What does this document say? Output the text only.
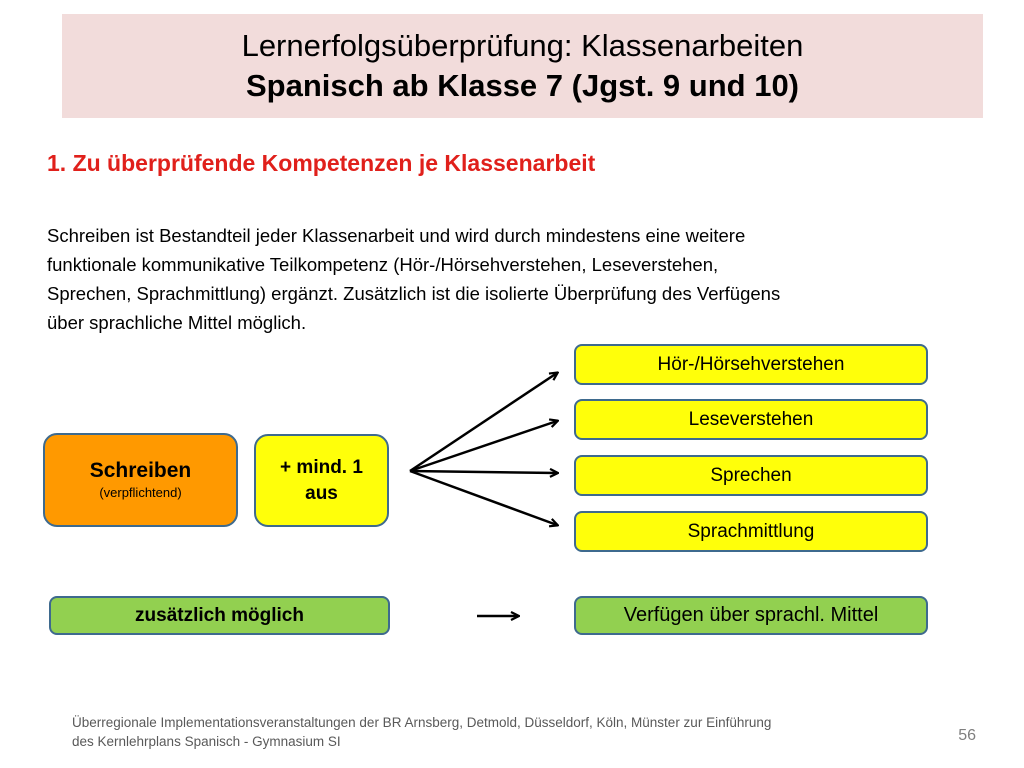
Lernerfolgsüberprüfung: Klassenarbeiten
Spanisch ab Klasse 7 (Jgst. 9 und 10)
1. Zu überprüfende Kompetenzen je Klassenarbeit
Schreiben ist Bestandteil jeder Klassenarbeit und wird durch mindestens eine weitere
funktionale kommunikative Teilkompetenz (Hör-/Hörsehverstehen, Leseverstehen,
Sprechen, Sprachmittlung) ergänzt. Zusätzlich ist die isolierte Überprüfung des Verfügens
über sprachliche Mittel möglich.
Schreiben
(verpflichtend)
+ mind. 1
aus
Hör-/Hörsehverstehen
Leseverstehen
Sprechen
Sprachmittlung
zusätzlich möglich	Verfügen über sprachl. Mittel
Überregionale Implementationsveranstaltungen der BR Arnsberg, Detmold, Düsseldorf, Köln, Münster zur Einführung
des Kernlehrplans Spanisch - Gymnasium SI	56
